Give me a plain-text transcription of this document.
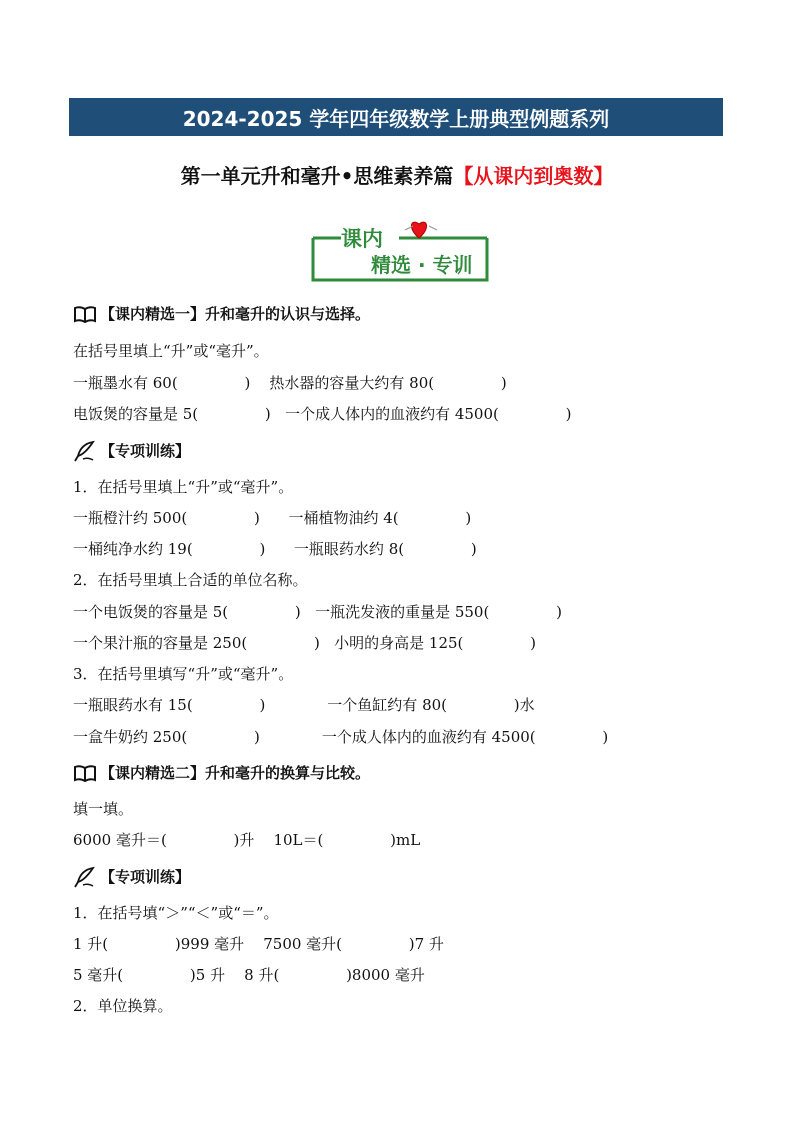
2024-2025 学年四年级数学上册典型例题系列
第一单元升和毫升•思维素养篇【从课内到奥数】
课内
精选 · 专训
【课内精选一】升和毫升的认识与选择。
在括号里填上“升”或“毫升”。
一瓶墨水有 60(              )    热水器的容量大约有 80(              )
电饭煲的容量是 5(              )   一个成人体内的血液约有 4500(              )
【专项训练】
1．在括号里填上“升”或“毫升”。
一瓶橙汁约 500(              )      一桶植物油约 4(              )
一桶纯净水约 19(              )      一瓶眼药水约 8(              )
2．在括号里填上合适的单位名称。
一个电饭煲的容量是 5(              )   一瓶洗发液的重量是 550(              )
一个果汁瓶的容量是 250(              )   小明的身高是 125(              )
3．在括号里填写“升”或“毫升”。
一瓶眼药水有 15(              )             一个鱼缸约有 80(              )水
一盒牛奶约 250(              )             一个成人体内的血液约有 4500(              )
【课内精选二】升和毫升的换算与比较。
填一填。
6000 毫升＝(              )升    10L＝(              )mL
【专项训练】
1．在括号填“＞”“＜”或“＝”。
1 升(              )999 毫升    7500 毫升(              )7 升
5 毫升(              )5 升    8 升(              )8000 毫升
2．单位换算。
